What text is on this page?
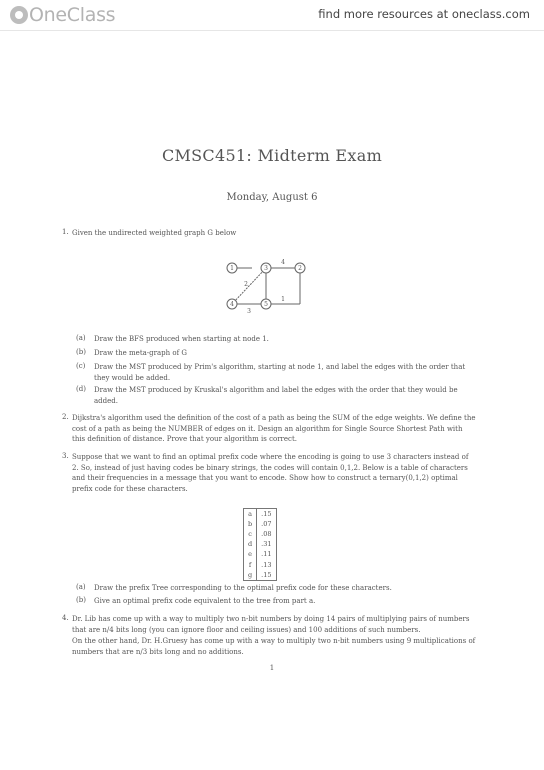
OneClass	find more resources at oneclass.com
CMSC451: Midterm Exam
Monday, August 6
1. Given the undirected weighted graph G below
1	2
3
4	5
4
2
1
3
(a) Draw the BFS produced when starting at node 1.
(b) Draw the meta-graph of G
(c) Draw the MST produced by Prim's algorithm, starting at node 1, and label the edges with the order that they would be added.
(d) Draw the MST produced by Kruskal's algorithm and label the edges with the order that they would be added.
2. Dijkstra's algorithm used the definition of the cost of a path as being the SUM of the edge weights. We define the cost of a path as being the NUMBER of edges on it. Design an algorithm for Single Source Shortest Path with this definition of distance. Prove that your algorithm is correct.
3. Suppose that we want to find an optimal prefix code where the encoding is going to use 3 characters instead of 2. So, instead of just having codes be binary strings, the codes will contain 0,1,2. Below is a table of characters and their frequencies in a message that you want to encode. Show how to construct a ternary(0,1,2) optimal prefix code for these characters.
a	.15
b	.07
c	.08
d	.31
e	.11
f	.13
g	.15
(a) Draw the prefix Tree corresponding to the optimal prefix code for these characters.
(b) Give an optimal prefix code equivalent to the tree from part a.
4. Dr. Lib has come up with a way to multiply two n-bit numbers by doing 14 pairs of multiplying pairs of numbers that are n/4 bits long (you can ignore floor and ceiling issues) and 100 additions of such numbers.
On the other hand, Dr. H.Gruesy has come up with a way to multiply two n-bit numbers using 9 multiplications of numbers that are n/3 bits long and no additions.
1
